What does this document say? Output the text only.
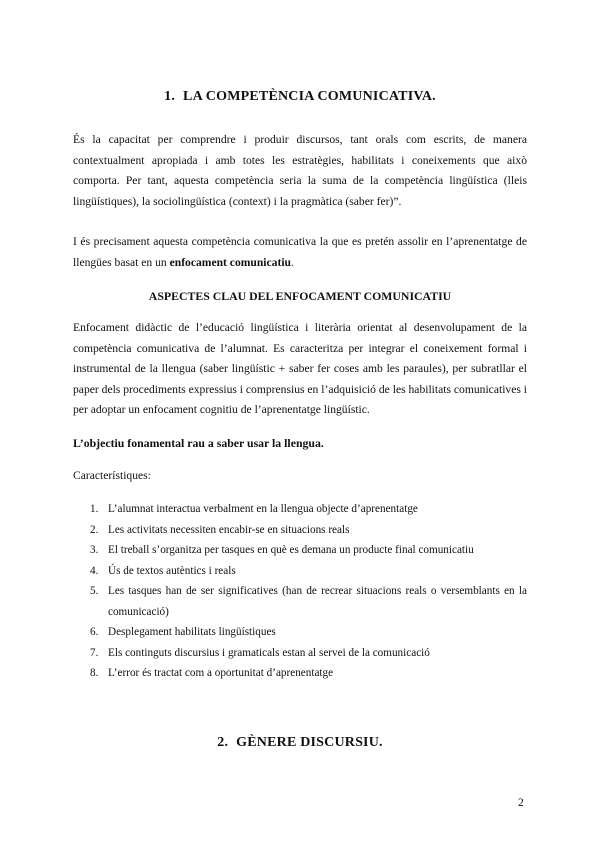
1. LA COMPETÈNCIA COMUNICATIVA.

És la capacitat per comprendre i produir discursos, tant orals com escrits, de manera contextualment apropiada i amb totes les estratègies, habilitats i coneixements que això comporta. Per tant, aquesta competència seria la suma de la competència lingüística (lleis lingüístiques), la sociolingüística (context) i la pragmàtica (saber fer)”.

I és precisament aquesta competència comunicativa la que es pretén assolir en l’aprenentatge de llengües basat en un enfocament comunicatiu.

ASPECTES CLAU DEL ENFOCAMENT COMUNICATIU

Enfocament didàctic de l’educació lingüística i literària orientat al desenvolupament de la competència comunicativa de l’alumnat. Es caracteritza per integrar el coneixement formal i instrumental de la llengua (saber lingüístic + saber fer coses amb les paraules), per subratllar el paper dels procediments expressius i comprensius en l’adquisició de les habilitats comunicatives i per adoptar un enfocament cognitiu de l’aprenentatge lingüístic.

L’objectiu fonamental rau a saber usar la llengua.

Característiques:

1. L’alumnat interactua verbalment en la llengua objecte d’aprenentatge
2. Les activitats necessiten encabir-se en situacions reals
3. El treball s’organitza per tasques en què es demana un producte final comunicatiu
4. Ús de textos autèntics i reals
5. Les tasques han de ser significatives (han de recrear situacions reals o versemblants en la comunicació)
6. Desplegament habilitats lingüístiques
7. Els continguts discursius i gramaticals estan al servei de la comunicació
8. L’error és tractat com a oportunitat d’aprenentatge
2. GÈNERE DISCURSIU.
2
